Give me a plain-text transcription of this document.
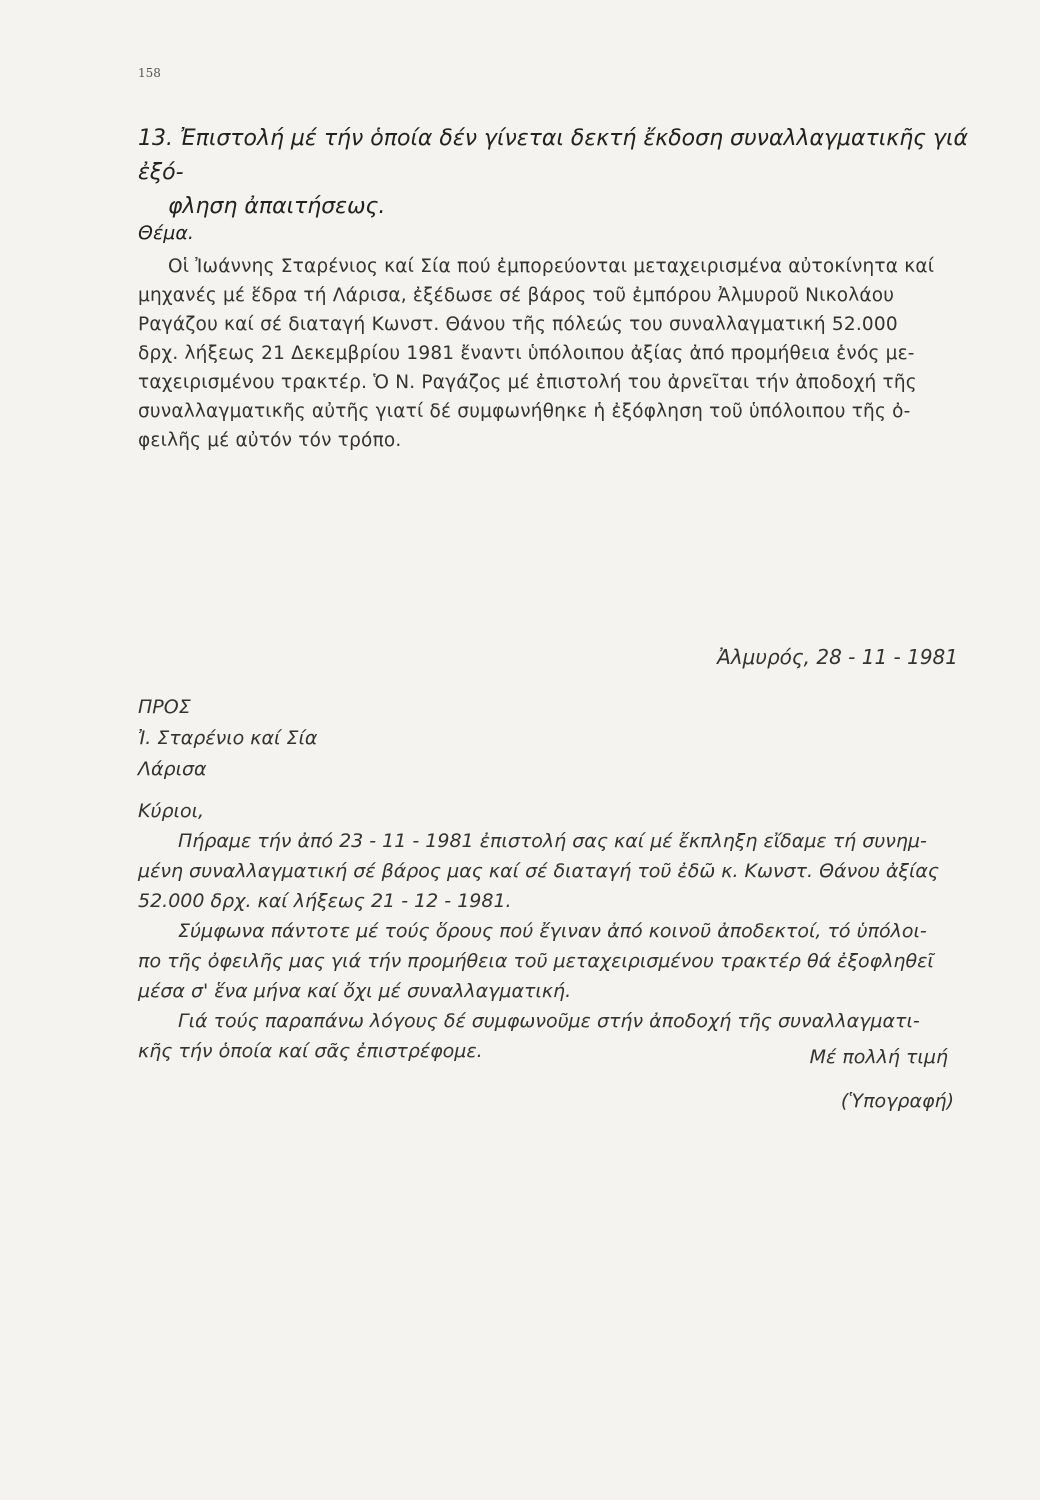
158
13. Ἐπιστολή μέ τήν ὁποία δέν γίνεται δεκτή ἔκδοση συναλλαγματικῆς γιά ἐξό-
φληση ἀπαιτήσεως.
Θέμα.
Οἱ Ἰωάννης Σταρένιος καί Σία πού ἐμπορεύονται μεταχειρισμένα αὐτοκίνητα καί
μηχανές μέ ἕδρα τή Λάρισα, ἐξέδωσε σέ βάρος τοῦ ἐμπόρου Ἀλμυροῦ Νικολάου
Ραγάζου καί σέ διαταγή Κωνστ. Θάνου τῆς πόλεώς του συναλλαγματική 52.000
δρχ. λήξεως 21 Δεκεμβρίου 1981 ἔναντι ὑπόλοιπου ἀξίας ἀπό προμήθεια ἑνός με-
ταχειρισμένου τρακτέρ. Ὁ Ν. Ραγάζος μέ ἐπιστολή του ἀρνεῖται τήν ἀποδοχή τῆς
συναλλαγματικῆς αὐτῆς γιατί δέ συμφωνήθηκε ἡ ἐξόφληση τοῦ ὑπόλοιπου τῆς ὀ-
φειλῆς μέ αὐτόν τόν τρόπο.
Ἀλμυρός, 28 - 11 - 1981
ΠΡΟΣ
Ἰ. Σταρένιο καί Σία
Λάρισα
Κύριοι,
Πήραμε τήν ἀπό 23 - 11 - 1981 ἐπιστολή σας καί μέ ἔκπληξη εἴδαμε τή συνημ-
μένη συναλλαγματική σέ βάρος μας καί σέ διαταγή τοῦ ἐδῶ κ. Κωνστ. Θάνου ἀξίας
52.000 δρχ. καί λήξεως 21 - 12 - 1981.
Σύμφωνα πάντοτε μέ τούς ὅρους πού ἔγιναν ἀπό κοινοῦ ἀποδεκτοί, τό ὑπόλοι-
πο τῆς ὀφειλῆς μας γιά τήν προμήθεια τοῦ μεταχειρισμένου τρακτέρ θά ἐξοφληθεῖ
μέσα σ' ἕνα μήνα καί ὄχι μέ συναλλαγματική.
Γιά τούς παραπάνω λόγους δέ συμφωνοῦμε στήν ἀποδοχή τῆς συναλλαγματι-
κῆς τήν ὁποία καί σᾶς ἐπιστρέφομε.	Μέ πολλή τιμή
(Ὑπογραφή)
